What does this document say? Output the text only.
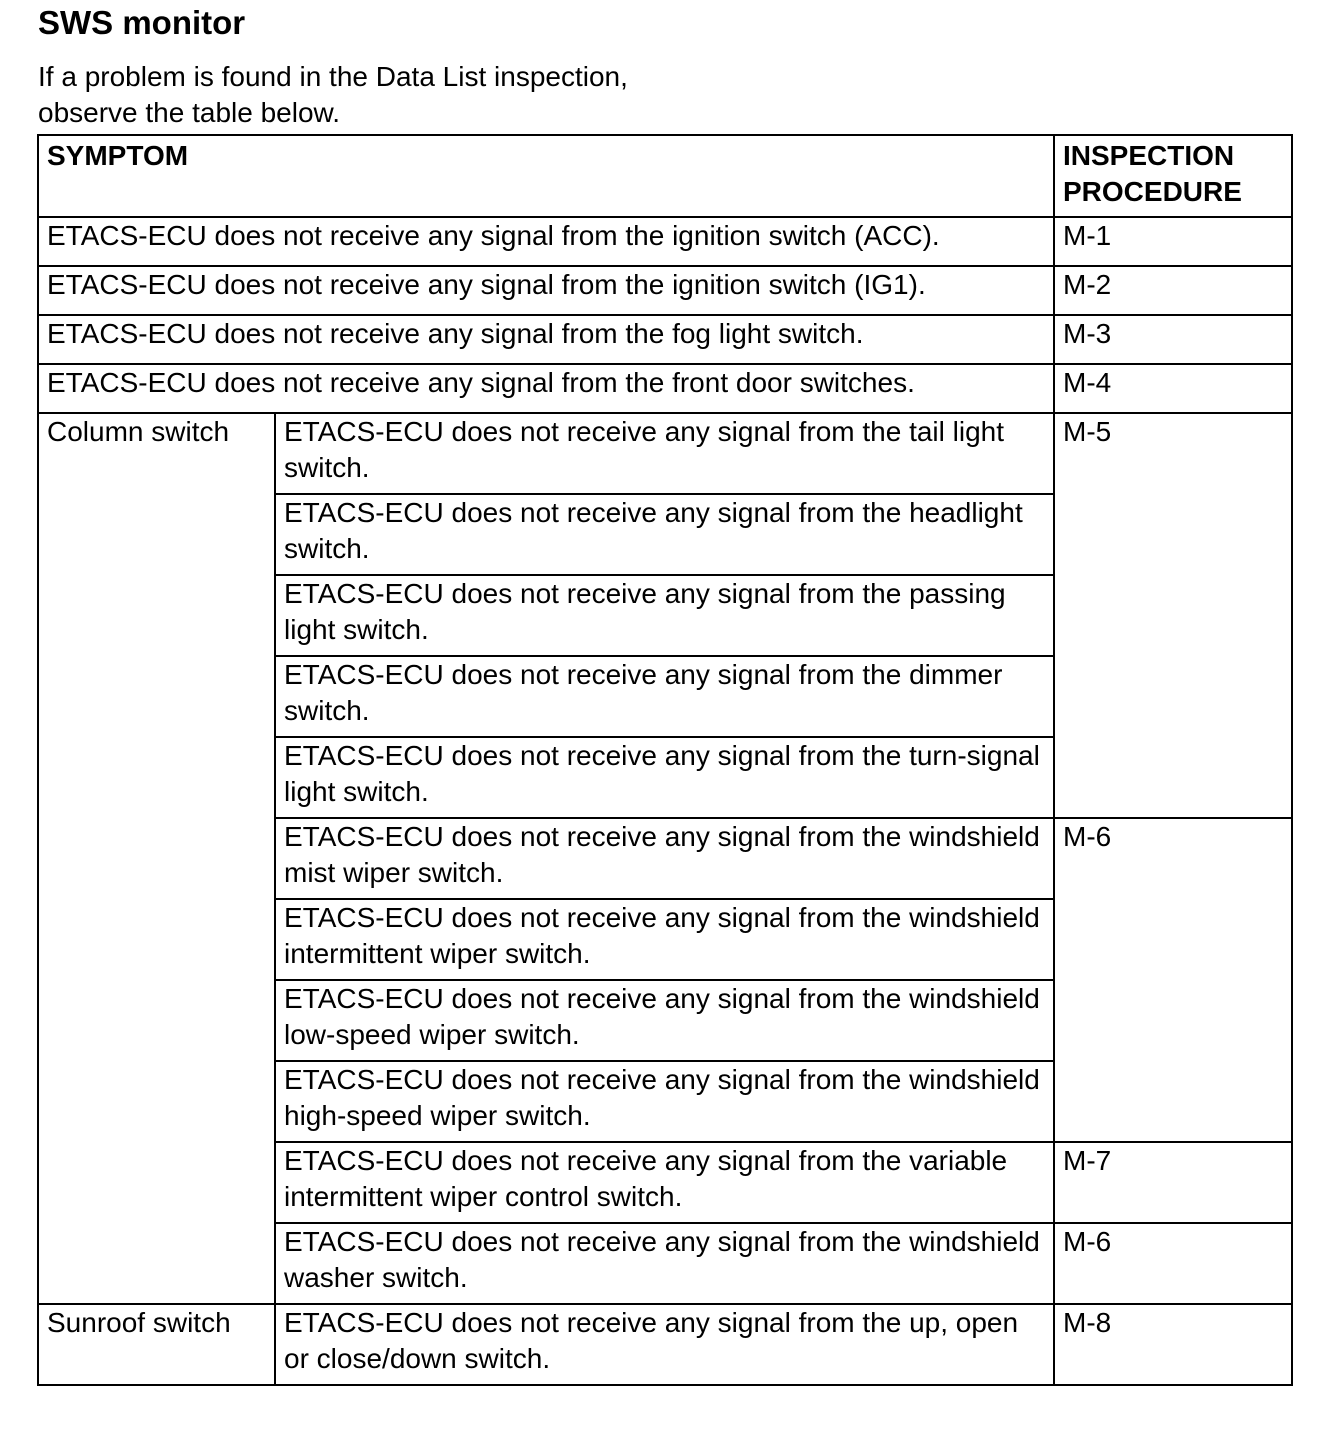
SWS monitor
If a problem is found in the Data List inspection,
observe the table below.
SYMPTOM		INSPECTION
PROCEDURE

ETACS-ECU does not receive any signal from the ignition switch (ACC).		M-1
ETACS-ECU does not receive any signal from the ignition switch (IG1).		M-2
ETACS-ECU does not receive any signal from the fog light switch.		M-3
ETACS-ECU does not receive any signal from the front door switches.		M-4
Column switch	ETACS-ECU does not receive any signal from the tail light switch.	M-5
	ETACS-ECU does not receive any signal from the headlight switch.	
	ETACS-ECU does not receive any signal from the passing light switch.	
	ETACS-ECU does not receive any signal from the dimmer switch.	
	ETACS-ECU does not receive any signal from the turn-signal light switch.	
	ETACS-ECU does not receive any signal from the windshield mist wiper switch.	M-6
	ETACS-ECU does not receive any signal from the windshield intermittent wiper switch.	
	ETACS-ECU does not receive any signal from the windshield low-speed wiper switch.	
	ETACS-ECU does not receive any signal from the windshield high-speed wiper switch.	
	ETACS-ECU does not receive any signal from the variable intermittent wiper control switch.	M-7
	ETACS-ECU does not receive any signal from the windshield washer switch.	M-6
Sunroof switch	ETACS-ECU does not receive any signal from the up, open or close/down switch.	M-8
